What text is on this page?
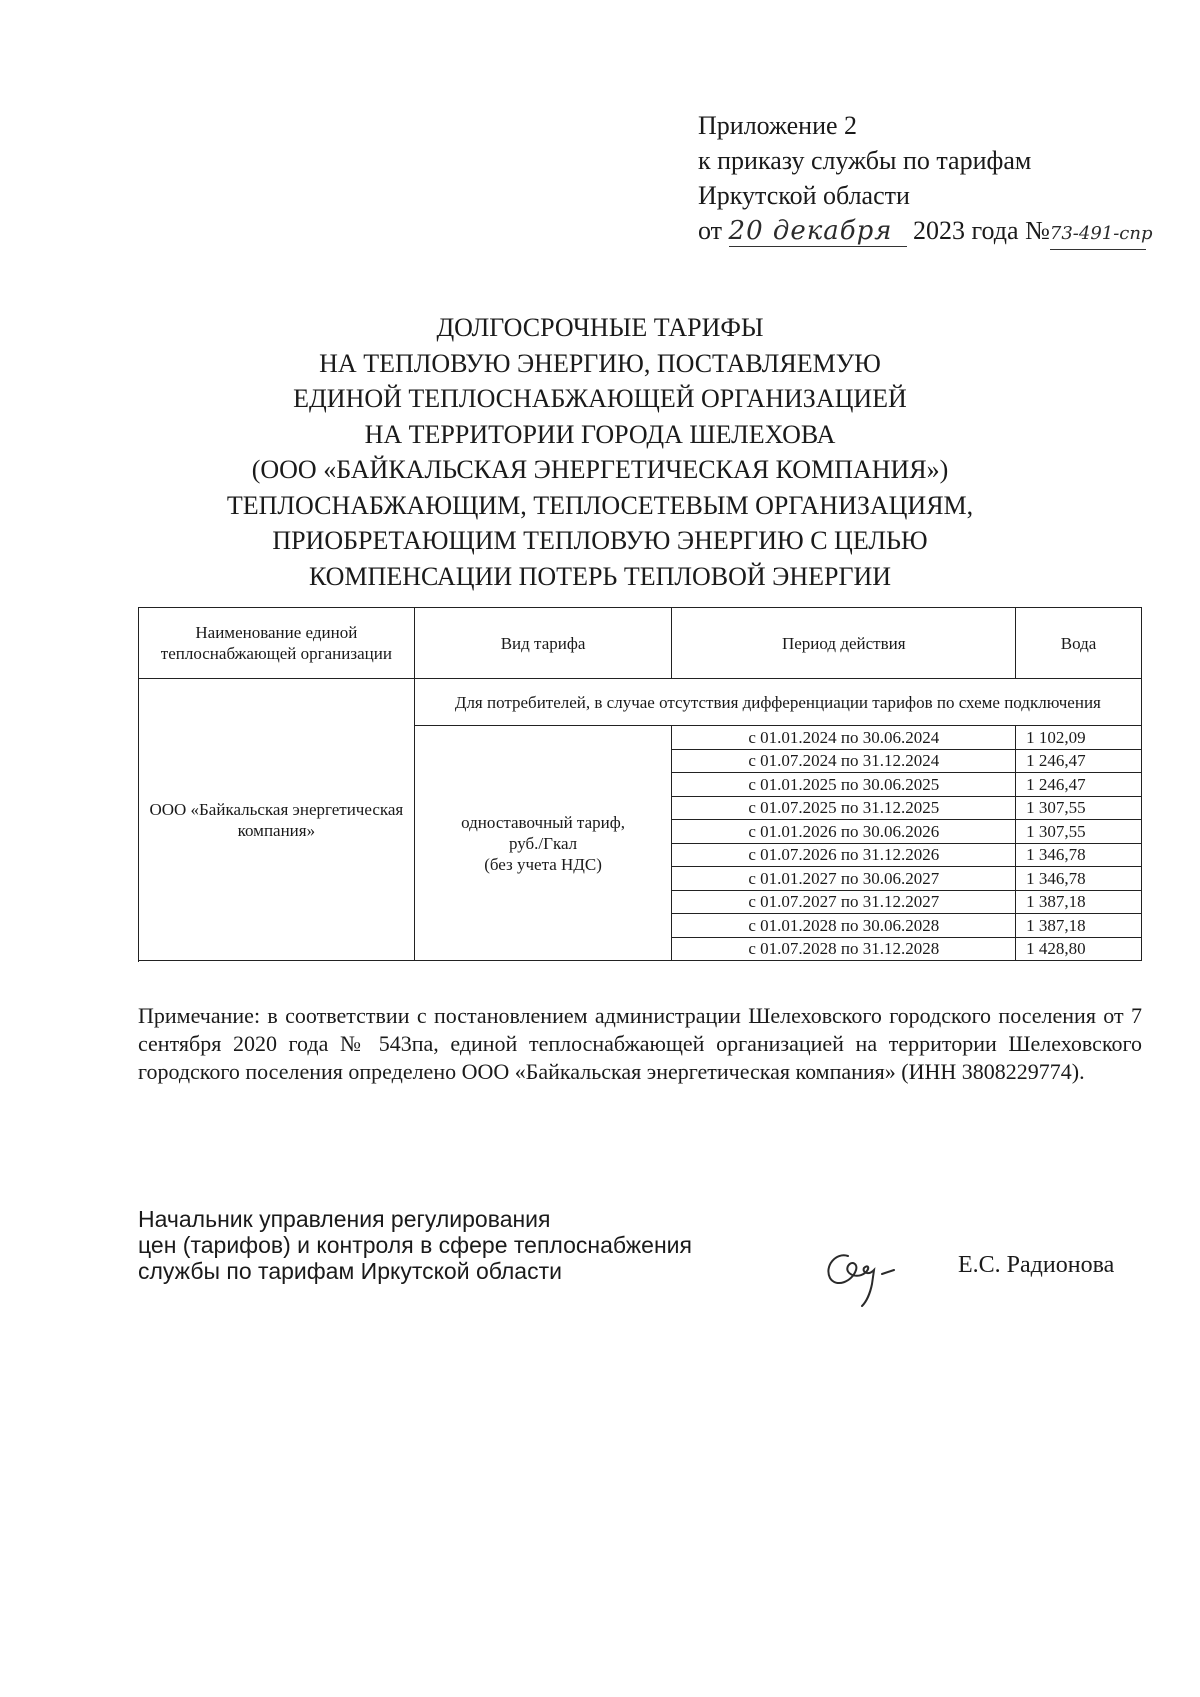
Приложение 2
к приказу службы по тарифам
Иркутской области
от 20 декабря 2023 года №73-491-спр
ДОЛГОСРОЧНЫЕ ТАРИФЫ
НА ТЕПЛОВУЮ ЭНЕРГИЮ, ПОСТАВЛЯЕМУЮ
ЕДИНОЙ ТЕПЛОСНАБЖАЮЩЕЙ ОРГАНИЗАЦИЕЙ
НА ТЕРРИТОРИИ ГОРОДА ШЕЛЕХОВА
(ООО «БАЙКАЛЬСКАЯ ЭНЕРГЕТИЧЕСКАЯ КОМПАНИЯ»)
ТЕПЛОСНАБЖАЮЩИМ, ТЕПЛОСЕТЕВЫМ ОРГАНИЗАЦИЯМ,
ПРИОБРЕТАЮЩИМ ТЕПЛОВУЮ ЭНЕРГИЮ С ЦЕЛЬЮ
КОМПЕНСАЦИИ ПОТЕРЬ ТЕПЛОВОЙ ЭНЕРГИИ
Наименование единой теплоснабжающей организации	Вид тарифа	Период действия	Вода
ООО «Байкальская энергетическая компания»	Для потребителей, в случае отсутствия дифференциации тарифов по схеме подключения		

	одноставочный тариф,
руб./Гкал
(без учета НДС)	с 01.01.2024 по 30.06.2024	1 102,09
		с 01.07.2024 по 31.12.2024	1 246,47
		с 01.01.2025 по 30.06.2025	1 246,47
		с 01.07.2025 по 31.12.2025	1 307,55
		с 01.01.2026 по 30.06.2026	1 307,55
		с 01.07.2026 по 31.12.2026	1 346,78
		с 01.01.2027 по 30.06.2027	1 346,78
		с 01.07.2027 по 31.12.2027	1 387,18
		с 01.01.2028 по 30.06.2028	1 387,18
		с 01.07.2028 по 31.12.2028	1 428,80

Примечание: в соответствии с постановлением администрации Шелеховского городского поселения от 7 сентября 2020 года № 543па, единой теплоснабжающей организацией на территории Шелеховского городского поселения определено ООО «Байкальская энергетическая компания» (ИНН 3808229774).
Начальник управления регулирования
цен (тарифов) и контроля в сфере теплоснабжения
службы по тарифам Иркутской области	Е.С. Радионова
